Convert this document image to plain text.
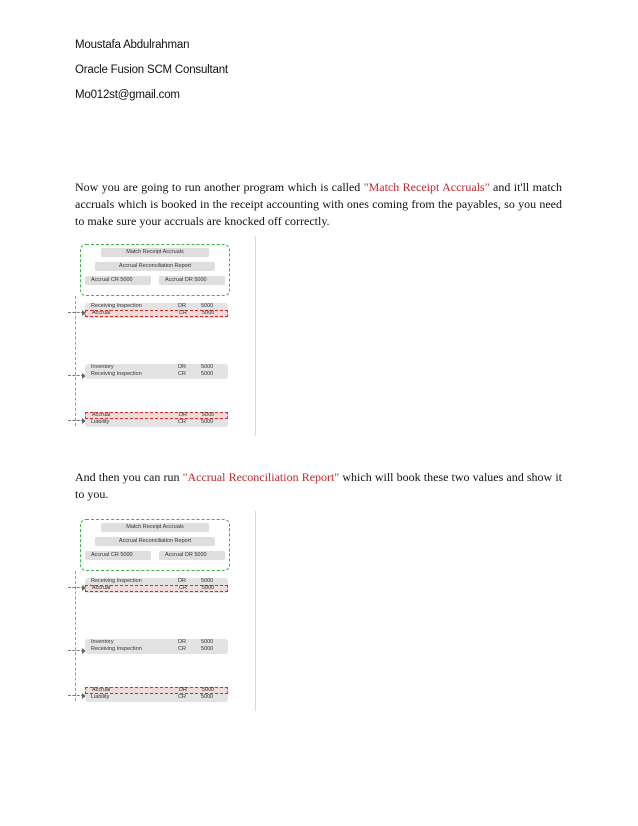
Moustafa Abdulrahman
Oracle Fusion SCM Consultant
Mo012st@gmail.com

Now you are going to run another program which is called "Match Receipt Accruals" and it'll match accruals which is booked in the receipt accounting with ones coming from the payables, so you need to make sure your accruals are knocked off correctly.

Match Receipt Accruals
Accrual Reconciliation Report
Accrual CR 5000	Accrual DR 5000
Receiving Inspection	DR	5000
Accrual	CR	5000
Inventory	DR	5000
Receiving Inspection	CR	5000
Accrual	DR	5000
Liability	CR	5000

And then you can run "Accrual Reconciliation Report" which will book these two values and show it to you.

Match Receipt Accruals
Accrual Reconciliation Report
Accrual CR 5000	Accrual DR 5000
Receiving Inspection	DR	5000
Accrual	CR	5000
Inventory	DR	5000
Receiving Inspection	CR	5000
Accrual	DR	5000
Liability	CR	5000
